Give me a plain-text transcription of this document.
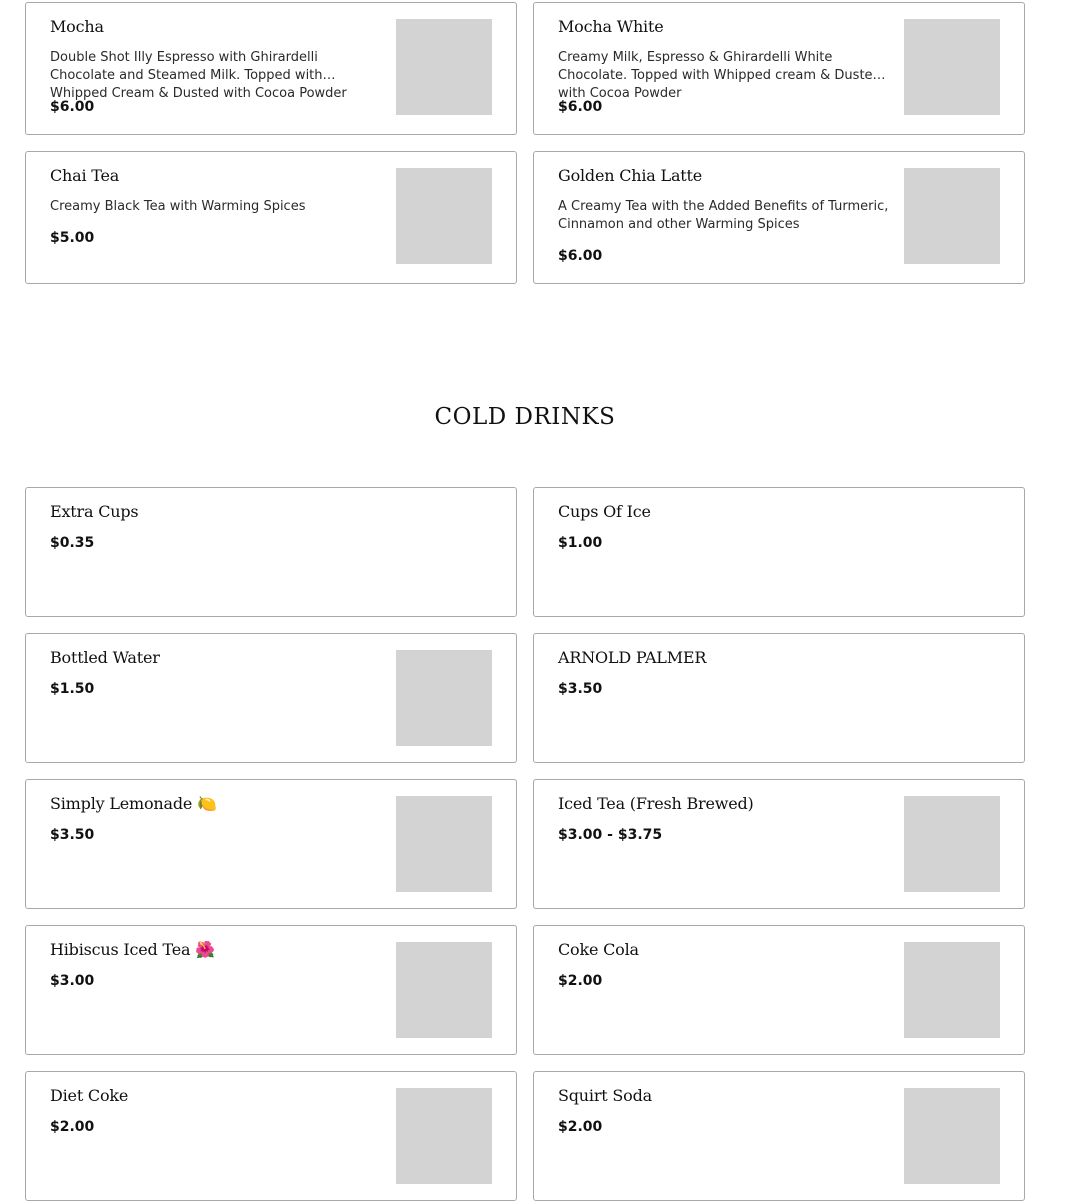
Mocha
Double Shot Illy Espresso with Ghirardelli Chocolate and Steamed Milk. Topped with Whipped Cream & Dusted with Cocoa Powder
$6.00
Mocha White
Creamy Milk, Espresso & Ghirardelli White Chocolate. Topped with Whipped cream & Dusted with Cocoa Powder
$6.00
Chai Tea
Creamy Black Tea with Warming Spices
$5.00
Golden Chia Latte
A Creamy Tea with the Added Benefits of Turmeric, Cinnamon and other Warming Spices
$6.00
COLD DRINKS
Extra Cups
$0.35
Cups Of Ice
$1.00
Bottled Water
$1.50
ARNOLD PALMER
$3.50
Simply Lemonade 🍋
$3.50
Iced Tea (Fresh Brewed)
$3.00 - $3.75
Hibiscus Iced Tea 🌺
$3.00
Coke Cola
$2.00
Diet Coke
$2.00
Squirt Soda
$2.00
